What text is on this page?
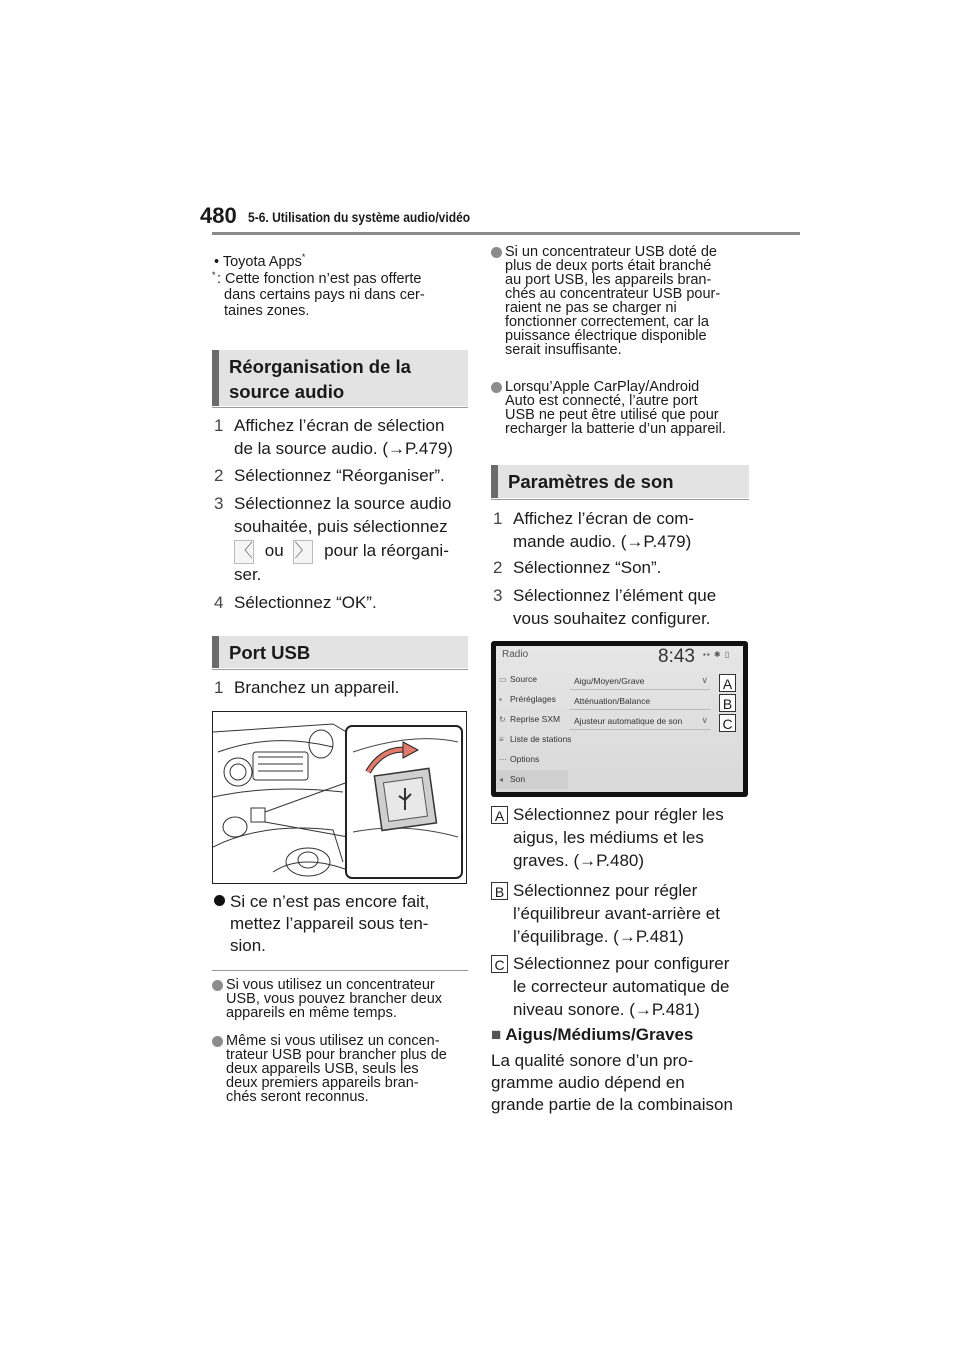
480 5-6. Utilisation du système audio/vidéo
• Toyota Apps*
* : Cette fonction n’est pas offerte
dans certains pays ni dans cer-
taines zones.
Réorganisation de la
source audio
1 Affichez l’écran de sélection
de la source audio. (→P.479)
2 Sélectionnez “Réorganiser”.
3 Sélectionnez la source audio
souhaitée, puis sélectionnez
〈 ou 〉 pour la réorgani-
ser.
4 Sélectionnez “OK”.
Port USB
1 Branchez un appareil.
Si ce n’est pas encore fait,
mettez l’appareil sous ten-
sion.
Si vous utilisez un concentrateur
USB, vous pouvez brancher deux
appareils en même temps.
Même si vous utilisez un concen-
trateur USB pour brancher plus de
deux appareils USB, seuls les
deux premiers appareils bran-
chés seront reconnus.
Si un concentrateur USB doté de
plus de deux ports était branché
au port USB, les appareils bran-
chés au concentrateur USB pour-
raient ne pas se charger ni
fonctionner correctement, car la
puissance électrique disponible
serait insuffisante.
Lorsqu’Apple CarPlay/Android
Auto est connecté, l’autre port
USB ne peut être utilisé que pour
recharger la batterie d’un appareil.
Paramètres de son
1 Affichez l’écran de com-
mande audio. (→P.479)
2 Sélectionnez “Son”.
3 Sélectionnez l’élément que
vous souhaitez configurer.
Radio	8:43 ▪▪ ✱ ▯
▭ Source
▪ Préréglages
↻ Reprise SXM
≡ Liste de stations
⋯ Options
◂ Son
Aigu/Moyen/Grave	∨
Atténuation/Balance
Ajusteur automatique de son ∨
A
B
C
A Sélectionnez pour régler les
aigus, les médiums et les
graves. (→P.480)
B Sélectionnez pour régler
l’équilibreur avant-arrière et
l’équilibrage. (→P.481)
C Sélectionnez pour configurer
le correcteur automatique de
niveau sonore. (→P.481)
■ Aigus/Médiums/Graves
La qualité sonore d’un pro-
gramme audio dépend en
grande partie de la combinaison
